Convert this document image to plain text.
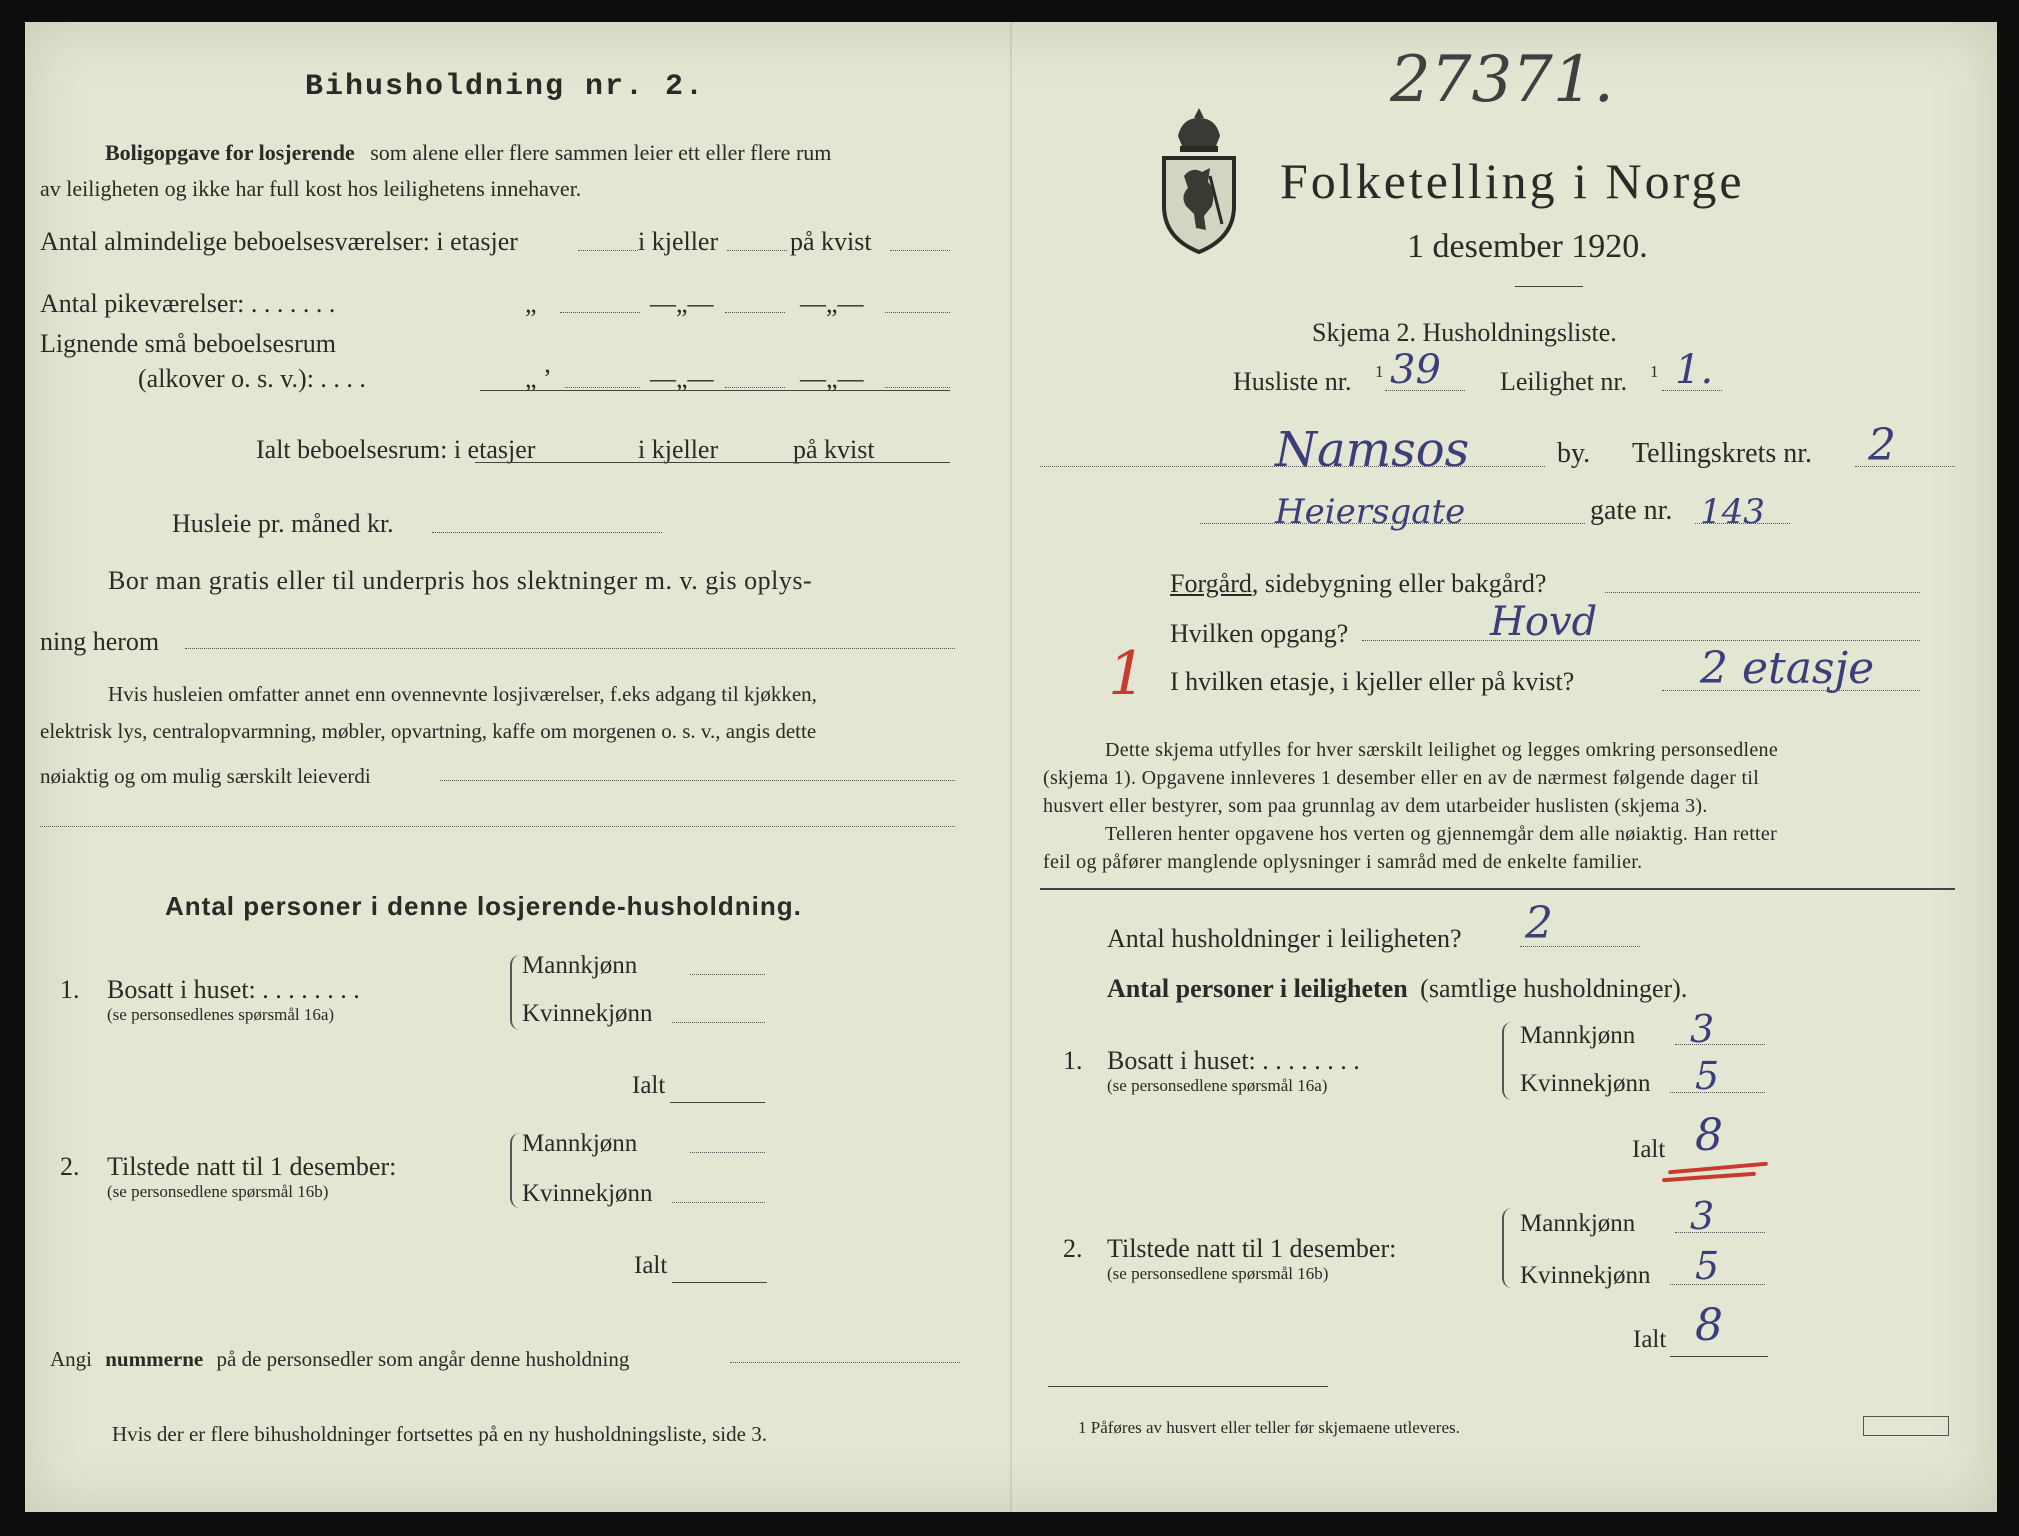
Bihusholdning nr. 2.
Boligopgave for losjerende som alene eller flere sammen leier ett eller flere rum
av leiligheten og ikke har full kost hos leilighetens innehaver.
Antal almindelige beboelsesværelser: i etasjer	i kjeller	på kvist
Antal pikeværelser: . . . . . . .	„	—„—	—„—
Lignende små beboelsesrum
(alkover o. s. v.): . . . .	„ ’	—„—	—„—
Ialt beboelsesrum: i etasjer	i kjeller	på kvist
Husleie pr. måned kr.
Bor man gratis eller til underpris hos slektninger m. v. gis oplys-
ning herom
Hvis husleien omfatter annet enn ovennevnte losjiværelser, f.eks adgang til kjøkken,
elektrisk lys, centralopvarmning, møbler, opvartning, kaffe om morgenen o. s. v., angis dette
nøiaktig og om mulig særskilt leieverdi
Antal personer i denne losjerende-husholdning.
1. Bosatt i huset: . . . . . . . .
(se personsedlenes spørsmål 16a)
Mannkjønn
Kvinnekjønn
Ialt
2. Tilstede natt til 1 desember:
(se personsedlene spørsmål 16b)
Mannkjønn
Kvinnekjønn
Ialt
Angi nummerne på de personsedler som angår denne husholdning
Hvis der er flere bihusholdninger fortsettes på en ny husholdningsliste, side 3.
27371.
Folketelling i Norge
1 desember 1920.
Skjema 2. Husholdningsliste.
Husliste nr. 1 39 Leilighet nr. 1 1.
Namsos	by. Tellingskrets nr. 2
Heiersgate	gate nr. 143
Forgård, sidebygning eller bakgård?
Hvilken opgang?	Hovd
1 I hvilken etasje, i kjeller eller på kvist?	2 etasje
Dette skjema utfylles for hver særskilt leilighet og legges omkring personsedlene
(skjema 1). Opgavene innleveres 1 desember eller en av de nærmest følgende dager til
husvert eller bestyrer, som paa grunnlag av dem utarbeider huslisten (skjema 3).
Telleren henter opgavene hos verten og gjennemgår dem alle nøiaktig. Han retter
feil og påfører manglende oplysninger i samråd med de enkelte familier.
Antal husholdninger i leiligheten? 2
Antal personer i leiligheten (samtlige husholdninger).
1. Bosatt i huset: . . . . . . . .
(se personsedlene spørsmål 16a)
Mannkjønn 3
Kvinnekjønn 5
Ialt 8
2. Tilstede natt til 1 desember:
(se personsedlene spørsmål 16b)
Mannkjønn 3
Kvinnekjønn 5
Ialt 8
1 Påføres av husvert eller teller før skjemaene utleveres.
